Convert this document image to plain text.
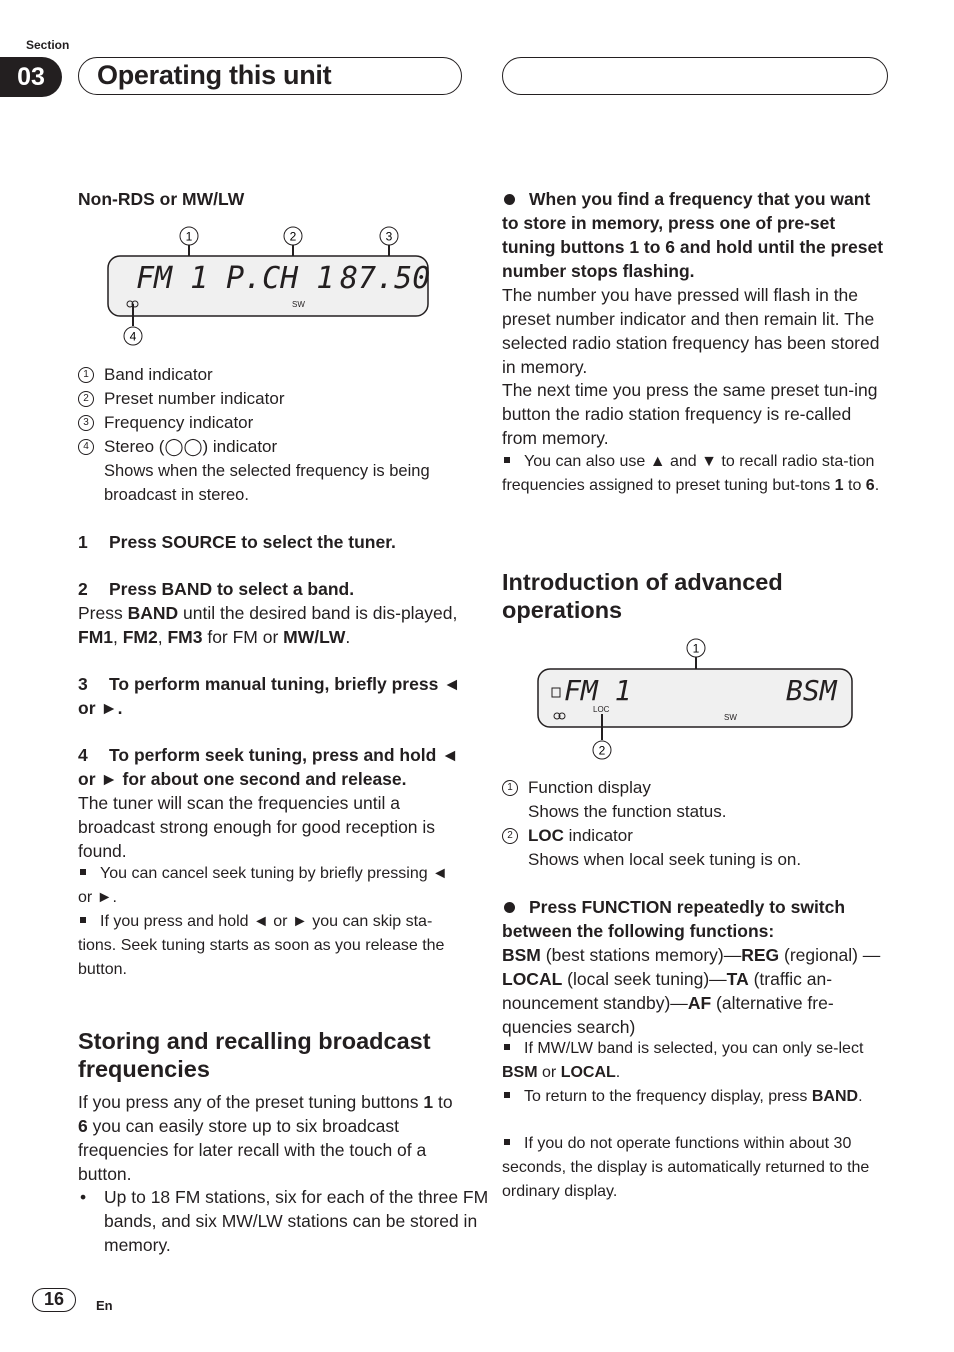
Section
03	Operating this unit
Non-RDS or MW/LW
1	2	3
FM 1 P.CH 1 87.50
SW
4
1 Band indicator
2 Preset number indicator
3 Frequency indicator
4 Stereo (◯◯) indicator
Shows when the selected frequency is being broadcast in stereo.
1 Press SOURCE to select the tuner.
2 Press BAND to select a band.
Press BAND until the desired band is dis-played, FM1, FM2, FM3 for FM or MW/LW.
3 To perform manual tuning, briefly press ◄ or ►.
4 To perform seek tuning, press and hold ◄ or ► for about one second and release.
The tuner will scan the frequencies until a broadcast strong enough for good reception is found.
You can cancel seek tuning by briefly pressing ◄ or ►.
If you press and hold ◄ or ► you can skip sta-tions. Seek tuning starts as soon as you release the button.
Storing and recalling broadcast frequencies
If you press any of the preset tuning buttons 1 to 6 you can easily store up to six broadcast frequencies for later recall with the touch of a button.
• Up to 18 FM stations, six for each of the three FM bands, and six MW/LW stations can be stored in memory.
When you find a frequency that you want to store in memory, press one of pre-set tuning buttons 1 to 6 and hold until the preset number stops flashing.
The number you have pressed will flash in the preset number indicator and then remain lit. The selected radio station frequency has been stored in memory.
The next time you press the same preset tun-ing button the radio station frequency is re-called from memory.
You can also use ▲ and ▼ to recall radio sta-tion frequencies assigned to preset tuning but-tons 1 to 6.
Introduction of advanced operations
1
FM 1	BSM
LOC
SW
2
1 Function display
Shows the function status.
2 LOC indicator
Shows when local seek tuning is on.
Press FUNCTION repeatedly to switch between the following functions:
BSM (best stations memory)—REG (regional) —LOCAL (local seek tuning)—TA (traffic an-nouncement standby)—AF (alternative fre-quencies search)
If MW/LW band is selected, you can only se-lect BSM or LOCAL.
To return to the frequency display, press BAND.
If you do not operate functions within about 30 seconds, the display is automatically returned to the ordinary display.
16	En
